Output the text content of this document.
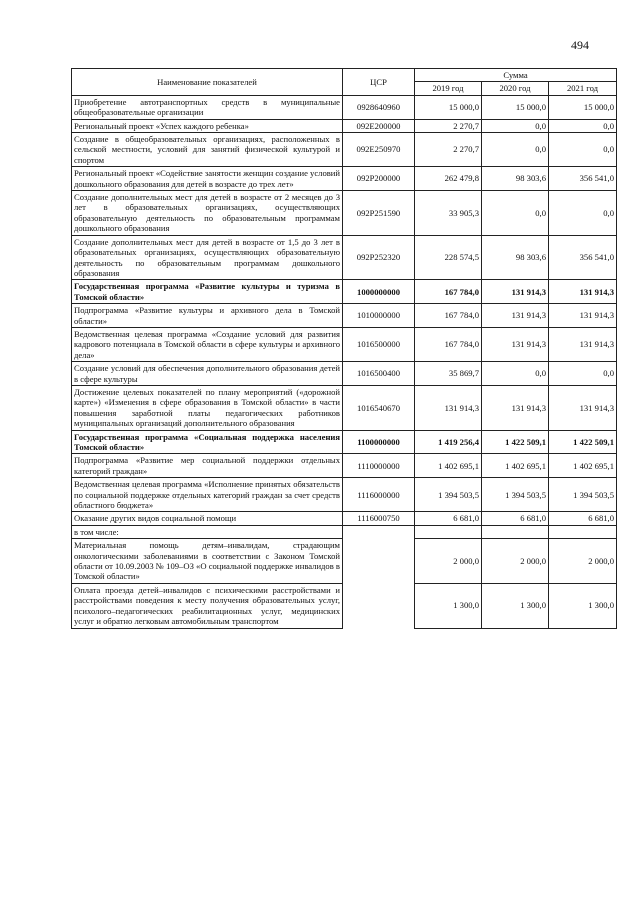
494
Наименование показателей	ЦСР	Сумма		
		2019 год	2020 год	2021 год
Приобретение автотранспортных средств в муниципальные общеобразовательные организации	0928640960	15 000,0	15 000,0	15 000,0
Региональный проект «Успех каждого ребенка»	092E200000	2 270,7	0,0	0,0
Создание в общеобразовательных организациях, расположенных в сельской местности, условий для занятий физической культурой и спортом	092E250970	2 270,7	0,0	0,0
Региональный проект «Содействие занятости женщин создание условий дошкольного образования для детей в возрасте до трех лет»	092P200000	262 479,8	98 303,6	356 541,0
Создание дополнительных мест для детей в возрасте от 2 месяцев до 3 лет в образовательных организациях, осуществляющих образовательную деятельность по образовательным программам дошкольного образования	092P251590	33 905,3	0,0	0,0
Создание дополнительных мест для детей в возрасте от 1,5 до 3 лет в образовательных организациях, осуществляющих образовательную деятельность по образовательным программам дошкольного образования	092P252320	228 574,5	98 303,6	356 541,0
Государственная программа «Развитие культуры и туризма в Томской области»	1000000000	167 784,0	131 914,3	131 914,3
Подпрограмма «Развитие культуры и архивного дела в Томской области»	1010000000	167 784,0	131 914,3	131 914,3
Ведомственная целевая программа «Создание условий для развития кадрового потенциала в Томской области в сфере культуры и архивного дела»	1016500000	167 784,0	131 914,3	131 914,3
Создание условий для обеспечения дополнительного образования детей в сфере культуры	1016500400	35 869,7	0,0	0,0
Достижение целевых показателей по плану мероприятий («дорожной карте») «Изменения в сфере образования в Томской области» в части повышения заработной платы педагогических работников муниципальных организаций дополнительного образования	1016540670	131 914,3	131 914,3	131 914,3
Государственная программа «Социальная поддержка населения Томской области»	1100000000	1 419 256,4	1 422 509,1	1 422 509,1
Подпрограмма «Развитие мер социальной поддержки отдельных категорий граждан»	1110000000	1 402 695,1	1 402 695,1	1 402 695,1
Ведомственная целевая программа «Исполнение принятых обязательств по социальной поддержке отдельных категорий граждан за счет средств областного бюджета»	1116000000	1 394 503,5	1 394 503,5	1 394 503,5
Оказание других видов социальной помощи	1116000750	6 681,0	6 681,0	6 681,0
в том числе:				
Материальная помощь детям–инвалидам, страдающим онкологическими заболеваниями в соответствии с Законом Томской области от 10.09.2003 № 109–ОЗ «О социальной поддержке инвалидов в Томской области»		2 000,0	2 000,0	2 000,0
Оплата проезда детей–инвалидов с психическими расстройствами и расстройствами поведения к месту получения образовательных услуг, психолого–педагогических реабилитационных услуг, медицинских услуг и обратно легковым автомобильным транспортом		1 300,0	1 300,0	1 300,0
